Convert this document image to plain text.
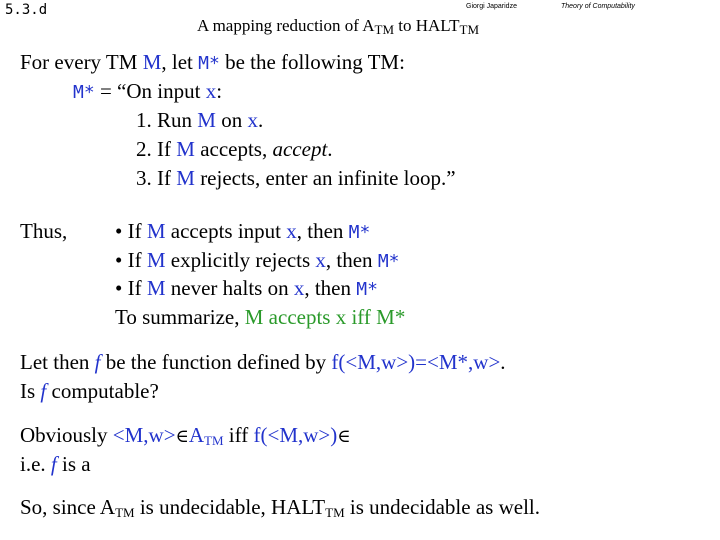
5.3.d	Giorgi Japaridze	Theory of Computability
A mapping reduction of $A_{TM}$ to $HALT_{TM}$
For every TM M, let M* be the following TM:
M* = “On input x:
1. Run M on x.
2. If M accepts, accept.
3. If M rejects, enter an infinite loop.”
Thus, • If M accepts input x, then M*
• If M explicitly rejects x, then M*
• If M never halts on x, then M*
To summarize, M accepts x iff M*
Let then f be the function defined by f(<M,w>)=<M*,w>.
Is f computable?
Obviously $<M,w>\in A_{TM}$ iff f(<M,w>)∈
i.e. f is a
So, since $A_{TM}$ is undecidable, $HALT_{TM}$ is undecidable as well.
